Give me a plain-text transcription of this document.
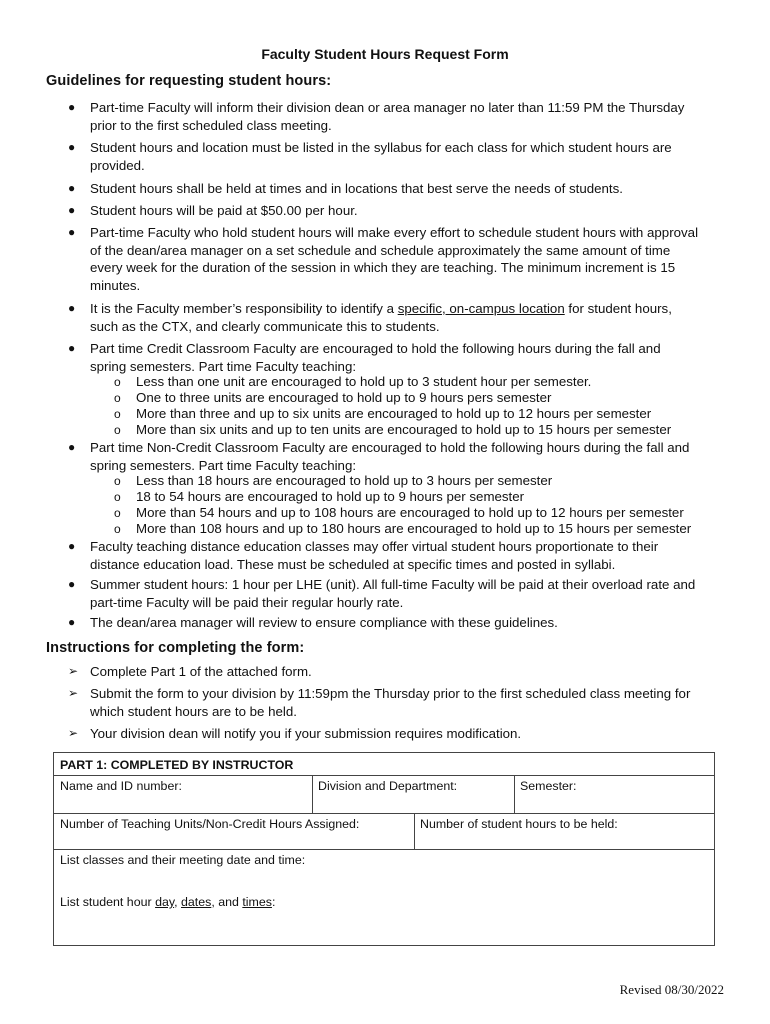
Faculty Student Hours Request Form
Guidelines for requesting student hours:
● Part-time Faculty will inform their division dean or area manager no later than 11:59 PM the Thursday
prior to the first scheduled class meeting.
● Student hours and location must be listed in the syllabus for each class for which student hours are
provided.
● Student hours shall be held at times and in locations that best serve the needs of students.
● Student hours will be paid at $50.00 per hour.
● Part-time Faculty who hold student hours will make every effort to schedule student hours with approval
of the dean/area manager on a set schedule and schedule approximately the same amount of time
every week for the duration of the session in which they are teaching. The minimum increment is 15
minutes.
● It is the Faculty member’s responsibility to identify a specific, on-campus location for student hours,
such as the CTX, and clearly communicate this to students.
● Part time Credit Classroom Faculty are encouraged to hold the following hours during the fall and
spring semesters. Part time Faculty teaching:
o Less than one unit are encouraged to hold up to 3 student hour per semester.
o One to three units are encouraged to hold up to 9 hours pers semester
o More than three and up to six units are encouraged to hold up to 12 hours per semester
o More than six units and up to ten units are encouraged to hold up to 15 hours per semester
● Part time Non-Credit Classroom Faculty are encouraged to hold the following hours during the fall and
spring semesters. Part time Faculty teaching:
o Less than 18 hours are encouraged to hold up to 3 hours per semester
o 18 to 54 hours are encouraged to hold up to 9 hours per semester
o More than 54 hours and up to 108 hours are encouraged to hold up to 12 hours per semester
o More than 108 hours and up to 180 hours are encouraged to hold up to 15 hours per semester
● Faculty teaching distance education classes may offer virtual student hours proportionate to their
distance education load. These must be scheduled at specific times and posted in syllabi.
● Summer student hours: 1 hour per LHE (unit). All full-time Faculty will be paid at their overload rate and
part-time Faculty will be paid their regular hourly rate.
● The dean/area manager will review to ensure compliance with these guidelines.
Instructions for completing the form:
➢ Complete Part 1 of the attached form.
➢ Submit the form to your division by 11:59pm the Thursday prior to the first scheduled class meeting for
which student hours are to be held.
➢ Your division dean will notify you if your submission requires modification.
PART 1: COMPLETED BY INSTRUCTOR
Name and ID number:	Division and Department:	Semester:
Number of Teaching Units/Non-Credit Hours Assigned:	Number of student hours to be held:
List classes and their meeting date and time:
List student hour day, dates, and times:
Revised 08/30/2022
